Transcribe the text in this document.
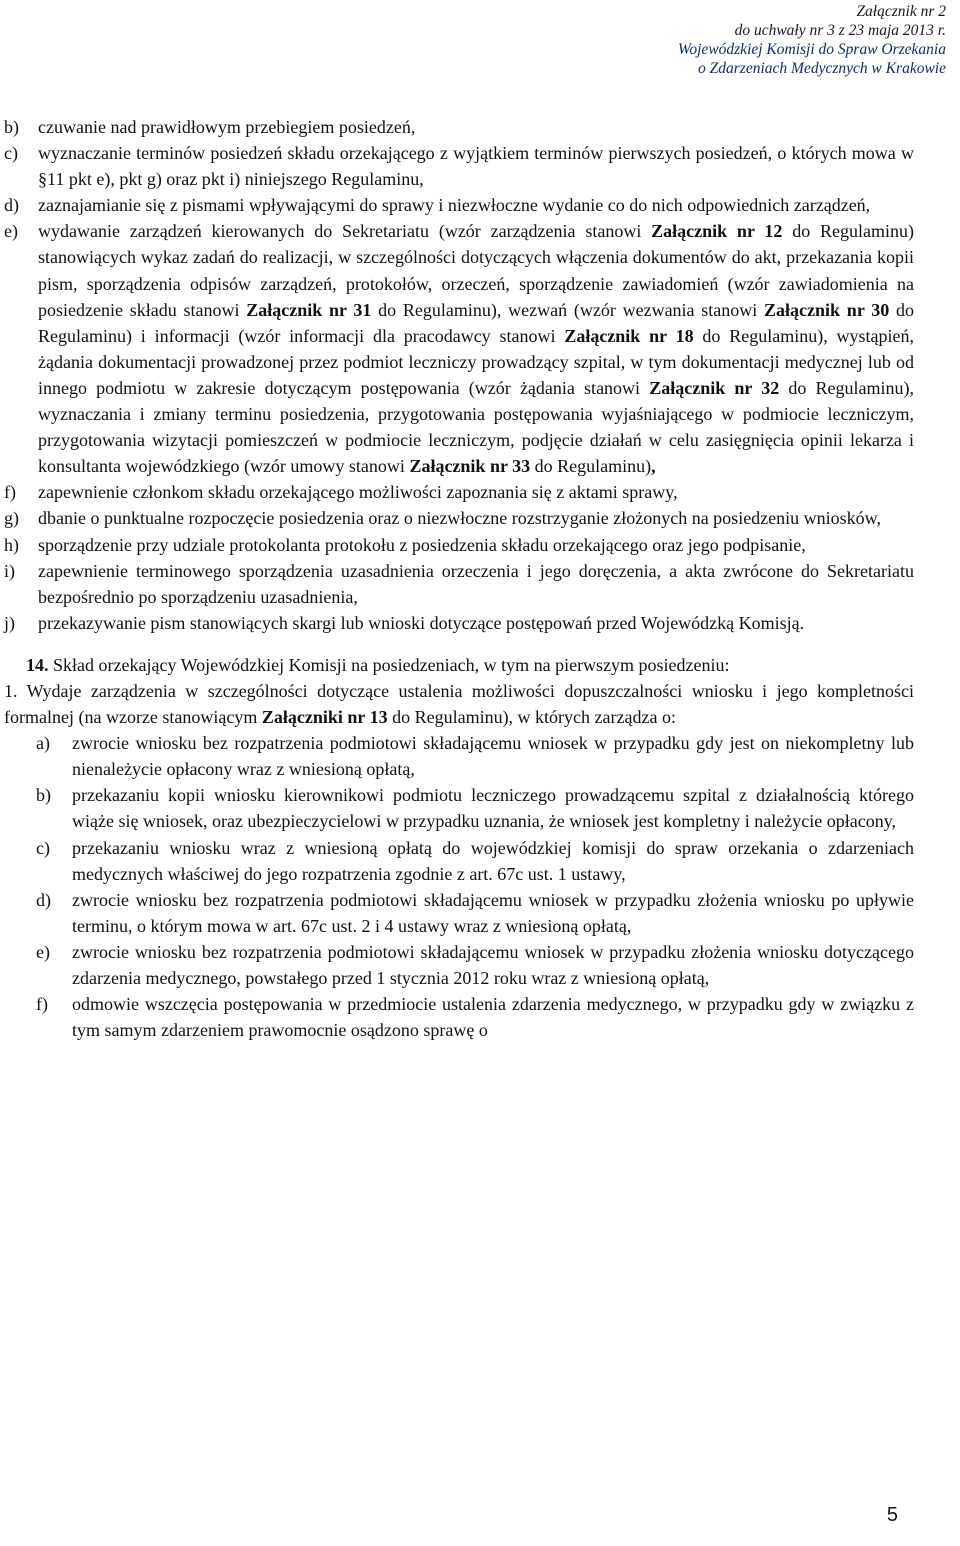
Załącznik nr 2
do uchwały nr 3 z 23 maja 2013 r.
Wojewódzkiej Komisji do Spraw Orzekania
o Zdarzeniach Medycznych w Krakowie
b) czuwanie nad prawidłowym przebiegiem posiedzeń,
c) wyznaczanie terminów posiedzeń składu orzekającego z wyjątkiem terminów pierwszych posiedzeń, o których mowa w §11 pkt e), pkt g) oraz pkt i) niniejszego Regulaminu,
d) zaznajamianie się z pismami wpływającymi do sprawy i niezwłoczne wydanie co do nich odpowiednich zarządzeń,
e) wydawanie zarządzeń kierowanych do Sekretariatu (wzór zarządzenia stanowi Załącznik nr 12 do Regulaminu) stanowiących wykaz zadań do realizacji, w szczególności dotyczących włączenia dokumentów do akt, przekazania kopii pism, sporządzenia odpisów zarządzeń, protokołów, orzeczeń, sporządzenie zawiadomień (wzór zawiadomienia na posiedzenie składu stanowi Załącznik nr 31 do Regulaminu), wezwań (wzór wezwania stanowi Załącznik nr 30 do Regulaminu) i informacji (wzór informacji dla pracodawcy stanowi Załącznik nr 18 do Regulaminu), wystąpień, żądania dokumentacji prowadzonej przez podmiot leczniczy prowadzący szpital, w tym dokumentacji medycznej lub od innego podmiotu w zakresie dotyczącym postępowania (wzór żądania stanowi Załącznik nr 32 do Regulaminu), wyznaczania i zmiany terminu posiedzenia, przygotowania postępowania wyjaśniającego w podmiocie leczniczym, przygotowania wizytacji pomieszczeń w podmiocie leczniczym, podjęcie działań w celu zasięgnięcia opinii lekarza i konsultanta wojewódzkiego (wzór umowy stanowi Załącznik nr 33 do Regulaminu),
f) zapewnienie członkom składu orzekającego możliwości zapoznania się z aktami sprawy,
g) dbanie o punktualne rozpoczęcie posiedzenia oraz o niezwłoczne rozstrzyganie złożonych na posiedzeniu wniosków,
h) sporządzenie przy udziale protokolanta protokołu z posiedzenia składu orzekającego oraz jego podpisanie,
i) zapewnienie terminowego sporządzenia uzasadnienia orzeczenia i jego doręczenia, a akta zwrócone do Sekretariatu bezpośrednio po sporządzeniu uzasadnienia,
j) przekazywanie pism stanowiących skargi lub wnioski dotyczące postępowań przed Wojewódzką Komisją.
14. Skład orzekający Wojewódzkiej Komisji na posiedzeniach, w tym na pierwszym posiedzeniu:
1. Wydaje zarządzenia w szczególności dotyczące ustalenia możliwości dopuszczalności wniosku i jego kompletności formalnej (na wzorze stanowiącym Załączniki nr 13 do Regulaminu), w których zarządza o:
a) zwrocie wniosku bez rozpatrzenia podmiotowi składającemu wniosek w przypadku gdy jest on niekompletny lub nienależycie opłacony wraz z wniesioną opłatą,
b) przekazaniu kopii wniosku kierownikowi podmiotu leczniczego prowadzącemu szpital z działalnością którego wiąże się wniosek, oraz ubezpieczycielowi w przypadku uznania, że wniosek jest kompletny i należycie opłacony,
c) przekazaniu wniosku wraz z wniesioną opłatą do wojewódzkiej komisji do spraw orzekania o zdarzeniach medycznych właściwej do jego rozpatrzenia zgodnie z art. 67c ust. 1 ustawy,
d) zwrocie wniosku bez rozpatrzenia podmiotowi składającemu wniosek w przypadku złożenia wniosku po upływie terminu, o którym mowa w art. 67c ust. 2 i 4 ustawy wraz z wniesioną opłatą,
e) zwrocie wniosku bez rozpatrzenia podmiotowi składającemu wniosek w przypadku złożenia wniosku dotyczącego zdarzenia medycznego, powstałego przed 1 stycznia 2012 roku wraz z wniesioną opłatą,
f) odmowie wszczęcia postępowania w przedmiocie ustalenia zdarzenia medycznego, w przypadku gdy w związku z tym samym zdarzeniem prawomocnie osądzono sprawę o
5
